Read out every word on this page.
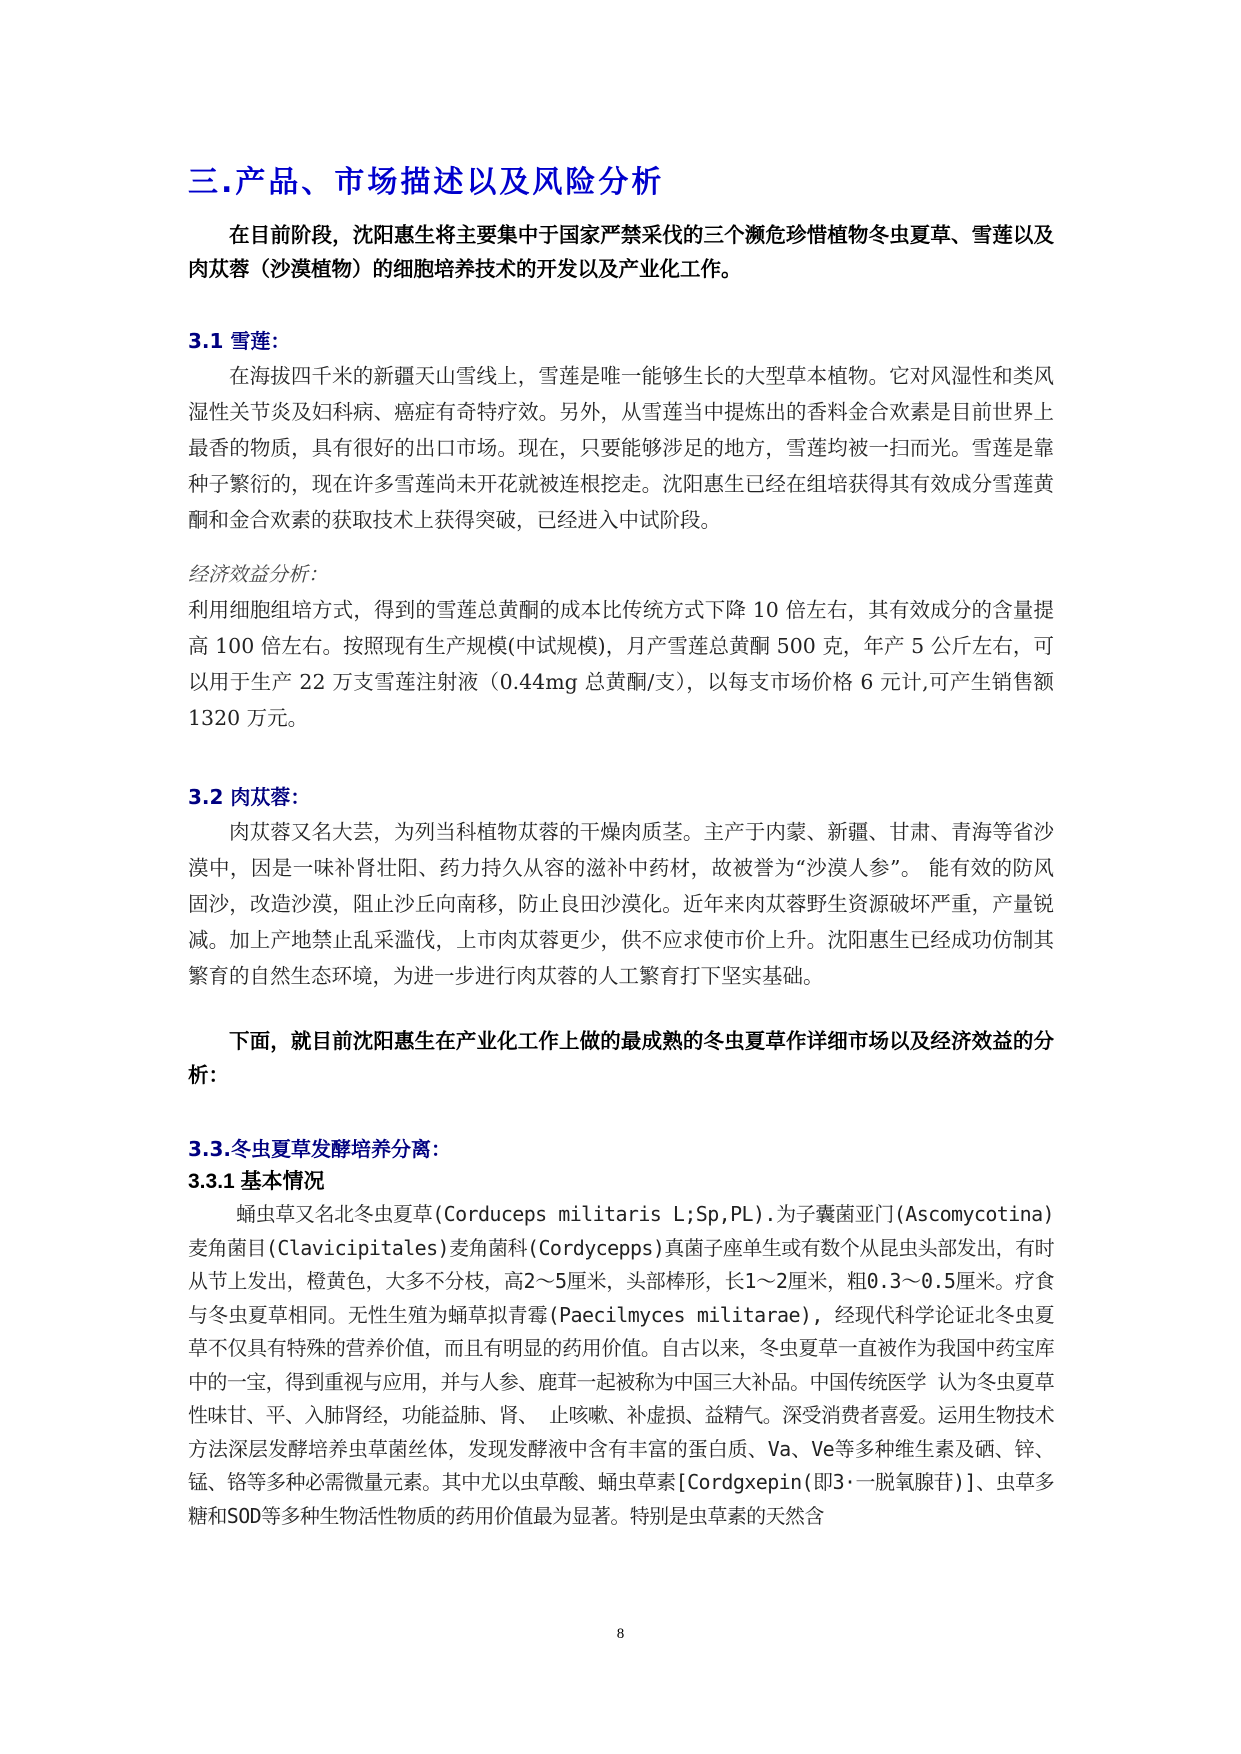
三.产品、市场描述以及风险分析

在目前阶段，沈阳惠生将主要集中于国家严禁采伐的三个濒危珍惜植物冬虫夏草、雪莲以及肉苁蓉（沙漠植物）的细胞培养技术的开发以及产业化工作。

3.1 雪莲：

在海拔四千米的新疆天山雪线上，雪莲是唯一能够生长的大型草本植物。它对风湿性和类风湿性关节炎及妇科病、癌症有奇特疗效。另外，从雪莲当中提炼出的香料金合欢素是目前世界上最香的物质，具有很好的出口市场。现在，只要能够涉足的地方，雪莲均被一扫而光。雪莲是靠种子繁衍的，现在许多雪莲尚未开花就被连根挖走。沈阳惠生已经在组培获得其有效成分雪莲黄酮和金合欢素的获取技术上获得突破，已经进入中试阶段。

经济效益分析：

利用细胞组培方式，得到的雪莲总黄酮的成本比传统方式下降 10 倍左右，其有效成分的含量提高 100 倍左右。按照现有生产规模(中试规模)，月产雪莲总黄酮 500 克，年产 5 公斤左右，可以用于生产 22 万支雪莲注射液（0.44mg 总黄酮/支），以每支市场价格 6 元计,可产生销售额 1320 万元。

3.2 肉苁蓉：

肉苁蓉又名大芸，为列当科植物苁蓉的干燥肉质茎。主产于内蒙、新疆、甘肃、青海等省沙漠中，因是一味补肾壮阳、药力持久从容的滋补中药材，故被誉为“沙漠人参”。 能有效的防风固沙，改造沙漠，阻止沙丘向南移，防止良田沙漠化。近年来肉苁蓉野生资源破坏严重，产量锐减。加上产地禁止乱采滥伐，上市肉苁蓉更少，供不应求使市价上升。沈阳惠生已经成功仿制其繁育的自然生态环境，为进一步进行肉苁蓉的人工繁育打下坚实基础。

下面，就目前沈阳惠生在产业化工作上做的最成熟的冬虫夏草作详细市场以及经济效益的分析：

3.3.冬虫夏草发酵培养分离：
3.3.1 基本情况

蛹虫草又名北冬虫夏草(Corduceps militaris L;Sp,PL).为子囊菌亚门(Ascomycotina)麦角菌目(Clavicipitales)麦角菌科(Cordycepps)真菌子座单生或有数个从昆虫头部发出，有时从节上发出，橙黄色，大多不分枝，高2～5厘米，头部棒形，长1～2厘米，粗0.3～0.5厘米。疗食与冬虫夏草相同。无性生殖为蛹草拟青霉(Paecilmyces militarae), 经现代科学论证北冬虫夏草不仅具有特殊的营养价值，而且有明显的药用价值。自古以来，冬虫夏草一直被作为我国中药宝库中的一宝，得到重视与应用，并与人参、鹿茸一起被称为中国三大补品。中国传统医学 认为冬虫夏草性味甘、平、入肺肾经，功能益肺、肾、 止咳嗽、补虚损、益精气。深受消费者喜爱。运用生物技术方法深层发酵培养虫草菌丝体，发现发酵液中含有丰富的蛋白质、Va、Ve等多种维生素及硒、锌、锰、铬等多种必需微量元素。其中尤以虫草酸、蛹虫草素[Cordgxepin(即3·一脱氧腺苷)]、虫草多糖和SOD等多种生物活性物质的药用价值最为显著。特别是虫草素的天然含

8
